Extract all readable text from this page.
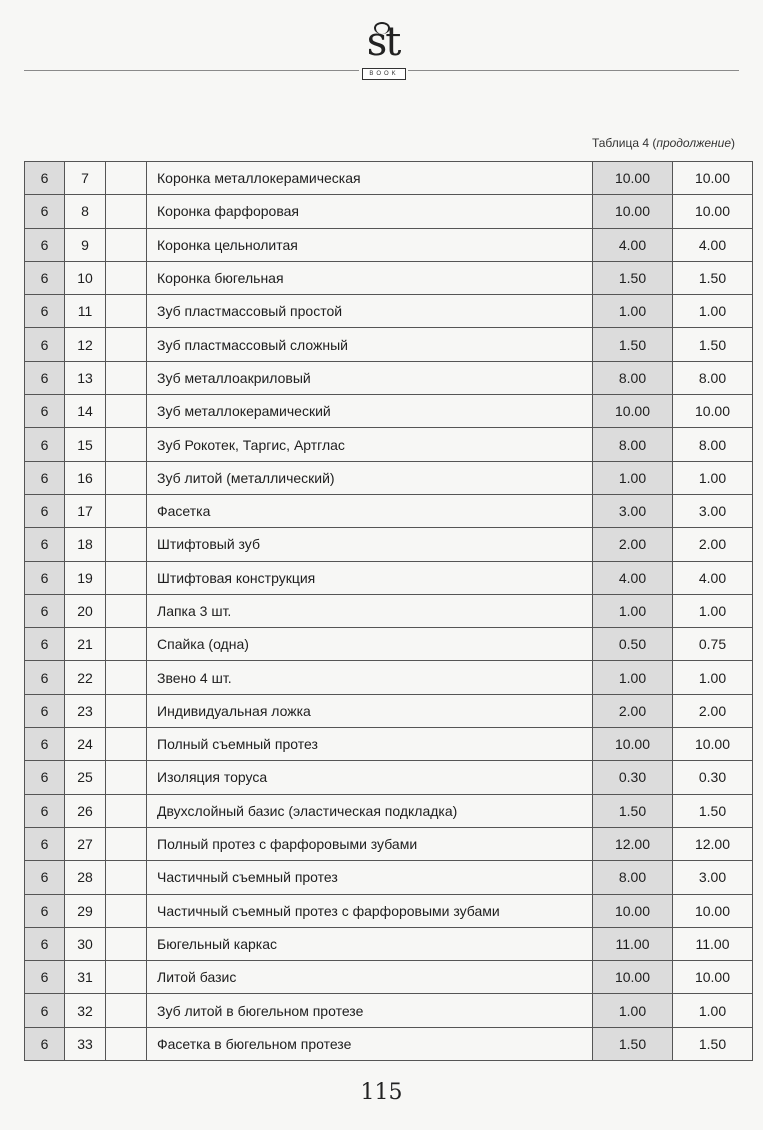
st
BOOK
Таблица 4 (продолжение)
6	7		Коронка металлокерамическая	10.00	10.00
6	8		Коронка фарфоровая	10.00	10.00
6	9		Коронка цельнолитая	4.00	4.00
6	10		Коронка бюгельная	1.50	1.50
6	11		Зуб пластмассовый простой	1.00	1.00
6	12		Зуб пластмассовый сложный	1.50	1.50
6	13		Зуб металлоакриловый	8.00	8.00
6	14		Зуб металлокерамический	10.00	10.00
6	15		Зуб Рокотек, Таргис, Артглас	8.00	8.00
6	16		Зуб литой (металлический)	1.00	1.00
6	17		Фасетка	3.00	3.00
6	18		Штифтовый зуб	2.00	2.00
6	19		Штифтовая конструкция	4.00	4.00
6	20		Лапка 3 шт.	1.00	1.00
6	21		Спайка (одна)	0.50	0.75
6	22		Звено 4 шт.	1.00	1.00
6	23		Индивидуальная ложка	2.00	2.00
6	24		Полный съемный протез	10.00	10.00
6	25		Изоляция торуса	0.30	0.30
6	26		Двухслойный базис (эластическая подкладка)	1.50	1.50
6	27		Полный протез с фарфоровыми зубами	12.00	12.00
6	28		Частичный съемный протез	8.00	3.00
6	29		Частичный съемный протез с фарфоровыми зубами	10.00	10.00
6	30		Бюгельный каркас	11.00	11.00
6	31		Литой базис	10.00	10.00
6	32		Зуб литой в бюгельном протезе	1.00	1.00
6	33		Фасетка в бюгельном протезе	1.50	1.50
115
